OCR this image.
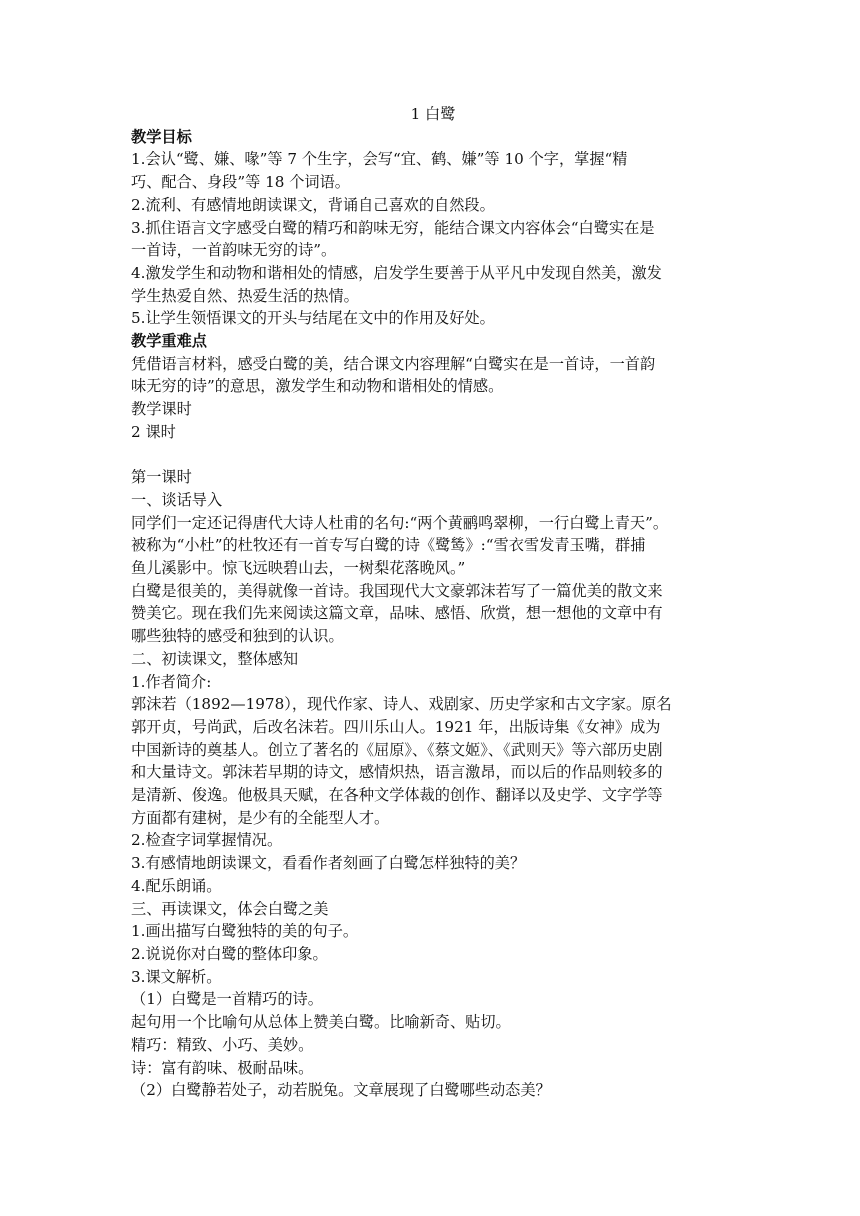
1 白鹭
教学目标
1.会认“鹭、嫌、喙”等 7 个生字，会写“宜、鹤、嫌”等 10 个字，掌握“精
巧、配合、身段”等 18 个词语。
2.流利、有感情地朗读课文，背诵自己喜欢的自然段。
3.抓住语言文字感受白鹭的精巧和韵味无穷，能结合课文内容体会“白鹭实在是
一首诗，一首韵味无穷的诗”。
4.激发学生和动物和谐相处的情感，启发学生要善于从平凡中发现自然美，激发
学生热爱自然、热爱生活的热情。
5.让学生领悟课文的开头与结尾在文中的作用及好处。
教学重难点
凭借语言材料，感受白鹭的美，结合课文内容理解“白鹭实在是一首诗，一首韵
味无穷的诗”的意思，激发学生和动物和谐相处的情感。
教学课时
2 课时
第一课时
一、谈话导入
同学们一定还记得唐代大诗人杜甫的名句:“两个黄鹂鸣翠柳，一行白鹭上青天”。
被称为“小杜”的杜牧还有一首专写白鹭的诗《鹭鸶》:“雪衣雪发青玉嘴，群捕
鱼儿溪影中。惊飞远映碧山去，一树梨花落晚风。”
白鹭是很美的，美得就像一首诗。我国现代大文豪郭沫若写了一篇优美的散文来
赞美它。现在我们先来阅读这篇文章，品味、感悟、欣赏，想一想他的文章中有
哪些独特的感受和独到的认识。
二、初读课文，整体感知
1.作者简介:
郭沫若（1892—1978），现代作家、诗人、戏剧家、历史学家和古文字家。原名
郭开贞，号尚武，后改名沫若。四川乐山人。1921 年，出版诗集《女神》成为
中国新诗的奠基人。创立了著名的《屈原》、《蔡文姬》、《武则天》等六部历史剧
和大量诗文。郭沫若早期的诗文，感情炽热，语言激昂，而以后的作品则较多的
是清新、俊逸。他极具天赋，在各种文学体裁的创作、翻译以及史学、文字学等
方面都有建树，是少有的全能型人才。
2.检查字词掌握情况。
3.有感情地朗读课文，看看作者刻画了白鹭怎样独特的美？
4.配乐朗诵。
三、再读课文，体会白鹭之美
1.画出描写白鹭独特的美的句子。
2.说说你对白鹭的整体印象。
3.课文解析。
（1）白鹭是一首精巧的诗。
起句用一个比喻句从总体上赞美白鹭。比喻新奇、贴切。
精巧：精致、小巧、美妙。
诗：富有韵味、极耐品味。
（2）白鹭静若处子，动若脱兔。文章展现了白鹭哪些动态美？
